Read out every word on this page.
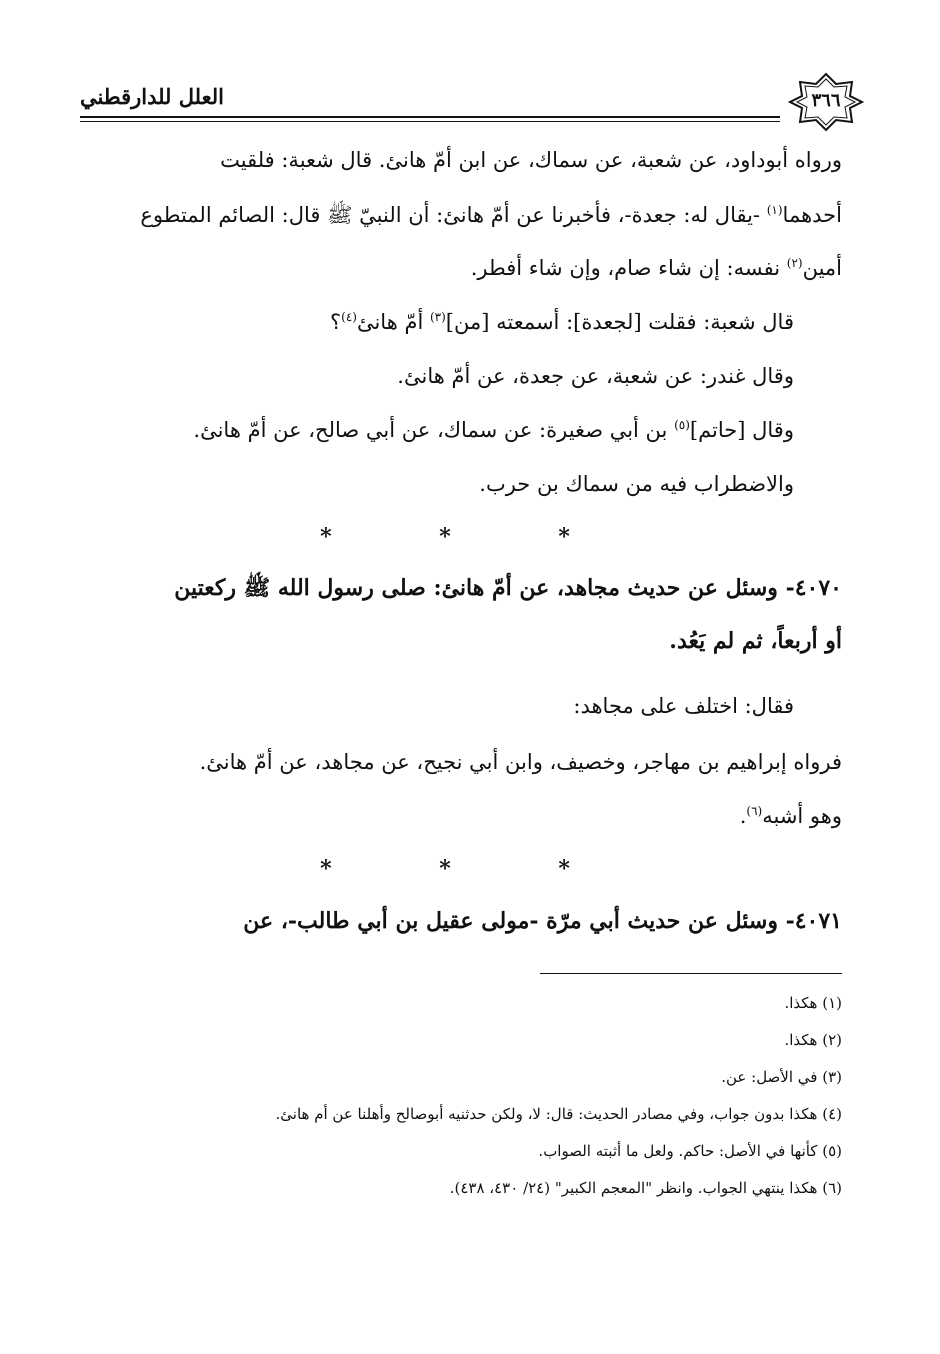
العلل للدارقطني	٣٦٦
ورواه أبوداود، عن شعبة، عن سماك، عن ابن أمّ هانئ. قال شعبة: فلقيت
أحدهما$^{(١)}$ -يقال له: جعدة-، فأخبرنا عن أمّ هانئ: أن النبيّ ﷺ قال: الصائم المتطوع
أمين$^{(٢)}$ نفسه: إن شاء صام، وإن شاء أفطر.
قال شعبة: فقلت [لجعدة]: أسمعته [من]$^{(٣)}$ أمّ هانئ$^{(٤)}$؟
وقال غندر: عن شعبة، عن جعدة، عن أمّ هانئ.
وقال [حاتم]$^{(٥)}$ بن أبي صغيرة: عن سماك، عن أبي صالح، عن أمّ هانئ.
والاضطراب فيه من سماك بن حرب.
* * *
٤٠٧٠- وسئل عن حديث مجاهد، عن أمّ هانئ: صلى رسول الله ﷺ ركعتين
أو أربعاً، ثم لم يَعُد.
فقال: اختلف على مجاهد:
فرواه إبراهيم بن مهاجر، وخصيف، وابن أبي نجيح، عن مجاهد، عن أمّ هانئ.
وهو أشبه$^{(٦)}$.
* * *
٤٠٧١- وسئل عن حديث أبي مرّة -مولى عقيل بن أبي طالب-، عن
(١) هكذا.
(٢) هكذا.
(٣) في الأصل: عن.
(٤) هكذا بدون جواب، وفي مصادر الحديث: قال: لا، ولكن حدثنيه أبوصالح وأهلنا عن أم هانئ.
(٥) كأنها في الأصل: حاكم. ولعل ما أثبته الصواب.
(٦) هكذا ينتهي الجواب. وانظر "المعجم الكبير" (٢٤/ ٤٣٠، ٤٣٨).
